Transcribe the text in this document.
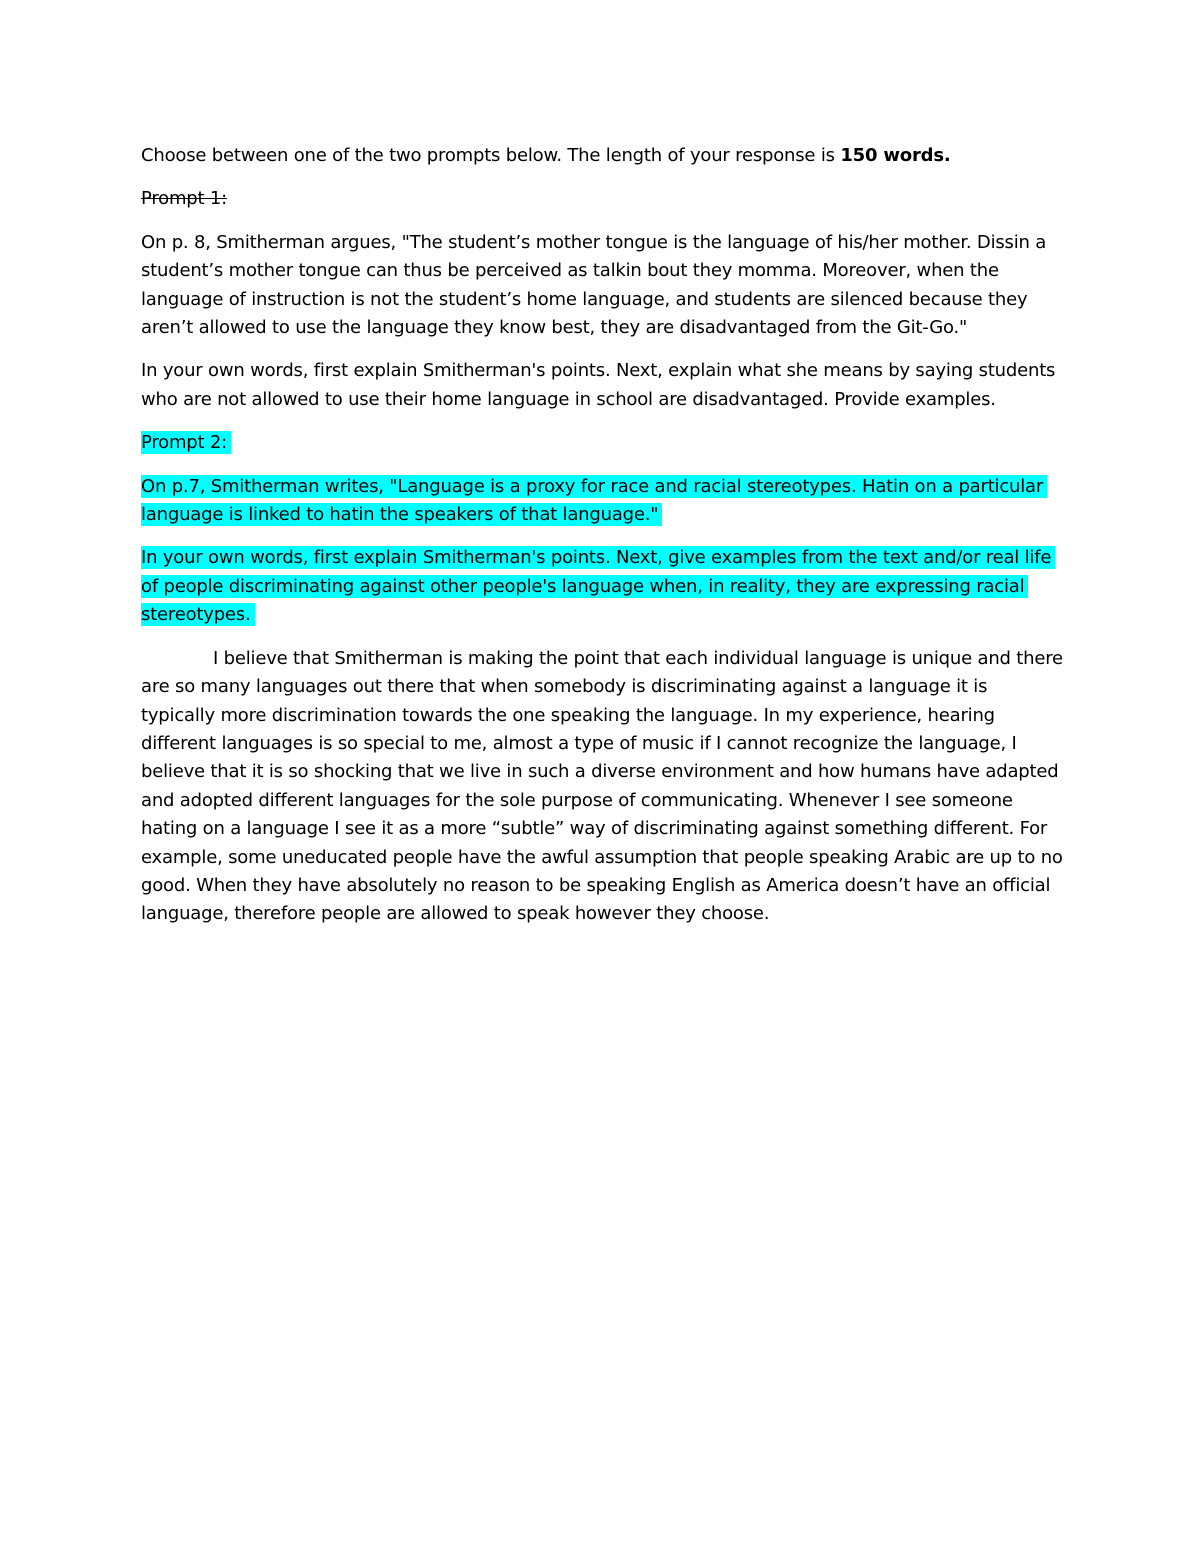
Choose between one of the two prompts below. The length of your response is 150 words.

Prompt 1:

On p. 8, Smitherman argues, "The student’s mother tongue is the language of his/her mother. Dissin a student’s mother tongue can thus be perceived as talkin bout they momma. Moreover, when the language of instruction is not the student’s home language, and students are silenced because they aren’t allowed to use the language they know best, they are disadvantaged from the Git-Go."

In your own words, first explain Smitherman's points. Next, explain what she means by saying students who are not allowed to use their home language in school are disadvantaged. Provide examples.

Prompt 2:

On p.7, Smitherman writes, "Language is a proxy for race and racial stereotypes. Hatin on a particular language is linked to hatin the speakers of that language."

In your own words, first explain Smitherman's points. Next, give examples from the text and/or real life of people discriminating against other people's language when, in reality, they are expressing racial stereotypes.

I believe that Smitherman is making the point that each individual language is unique and there are so many languages out there that when somebody is discriminating against a language it is typically more discrimination towards the one speaking the language. In my experience, hearing different languages is so special to me, almost a type of music if I cannot recognize the language, I believe that it is so shocking that we live in such a diverse environment and how humans have adapted and adopted different languages for the sole purpose of communicating. Whenever I see someone hating on a language I see it as a more “subtle” way of discriminating against something different. For example, some uneducated people have the awful assumption that people speaking Arabic are up to no good. When they have absolutely no reason to be speaking English as America doesn’t have an official language, therefore people are allowed to speak however they choose.
